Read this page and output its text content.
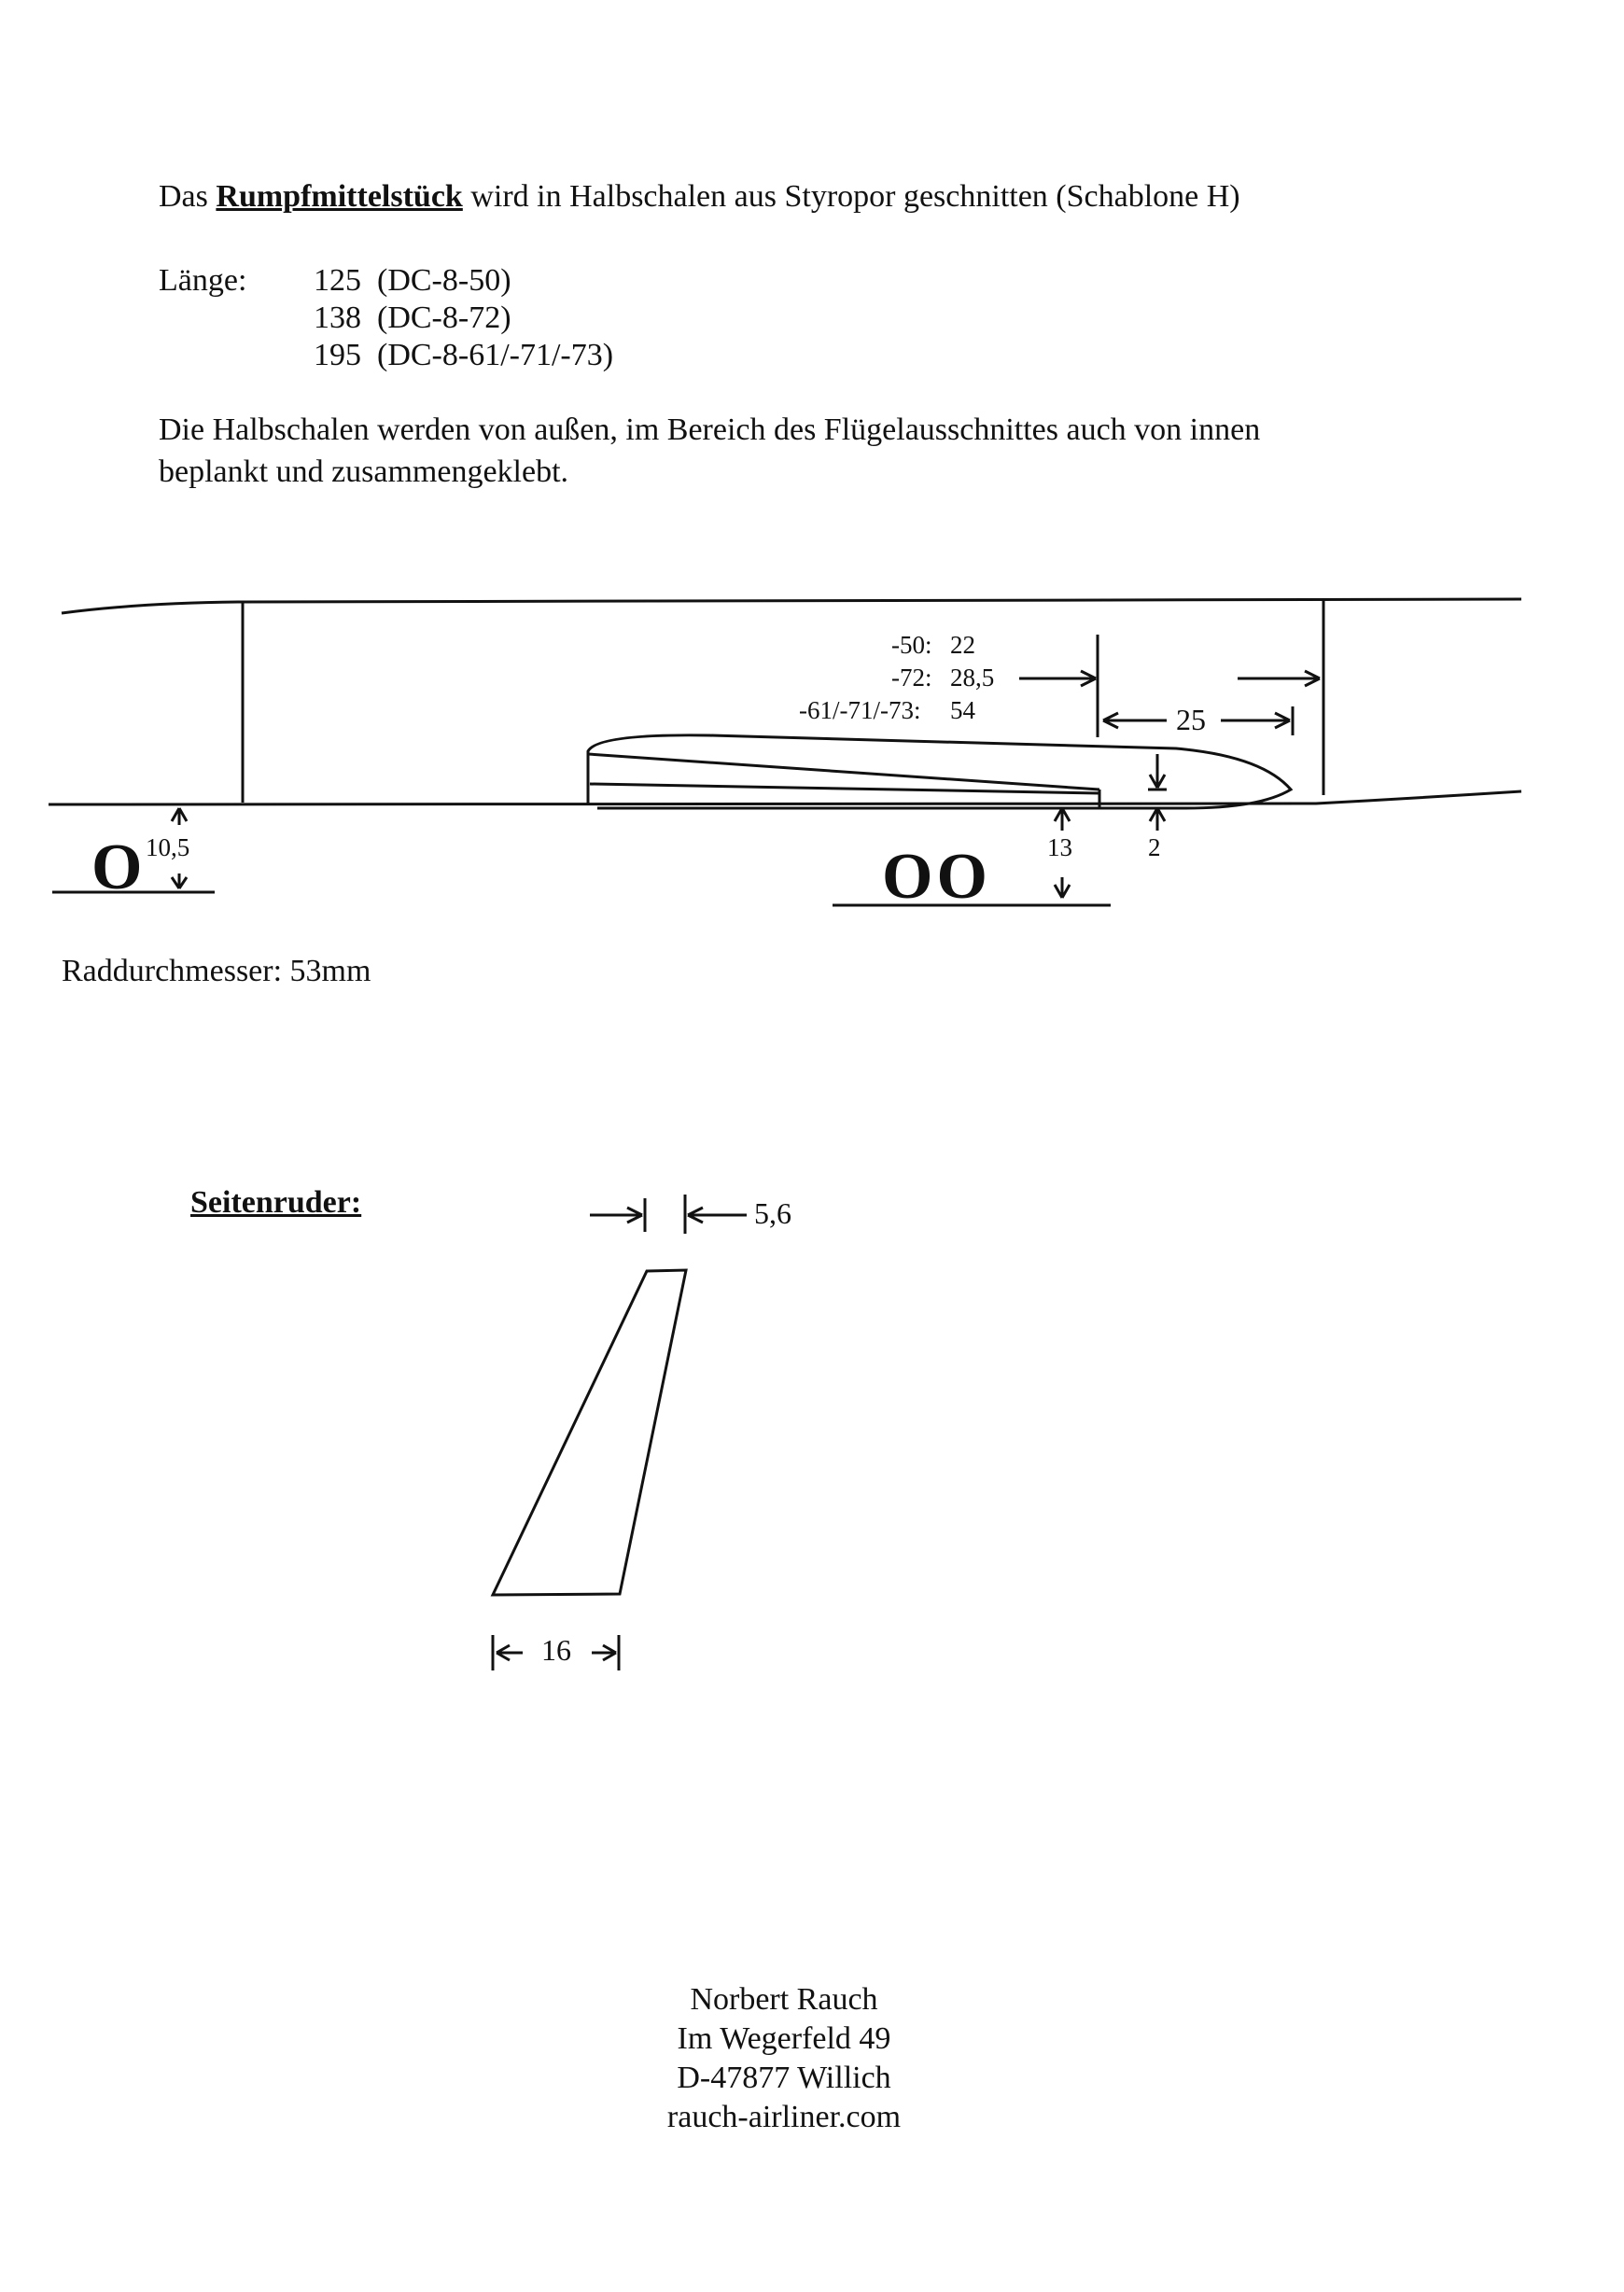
Das Rumpfmittelstück wird in Halbschalen aus Styropor geschnitten (Schablone H)
Länge: 125 (DC-8-50)
138 (DC-8-72)
195 (DC-8-61/-71/-73)
Die Halbschalen werden von außen, im Bereich des Flügelausschnittes auch von innen beplankt und zusammengeklebt.
-50: 22
-72: 28,5
-61/-71/-73: 54	25
13	2
10,5
O	OO
Raddurchmesser: 53mm
Seitenruder:	5,6
16
Norbert Rauch
Im Wegerfeld 49
D-47877 Willich
rauch-airliner.com
